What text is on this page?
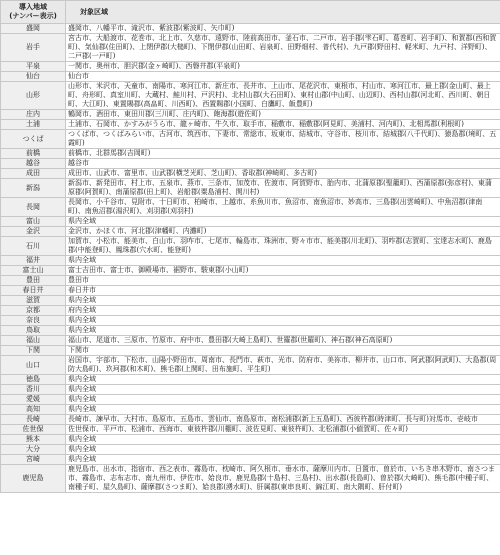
導入地域
(ナンバー表示)	対象区域
盛岡	盛岡市、八幡平市、滝沢市、紫波郡(紫波町、矢巾町)
岩手	宮古市、大船渡市、花巻市、北上市、久慈市、遠野市、陸前高田市、釜石市、二戸市、岩手郡(雫石町、葛巻町、岩手町)、和賀郡(西和賀町)、気仙郡(住田町)、上閉伊郡(大槌町)、下閉伊郡(山田町、岩泉町、田野畑村、普代村)、九戸郡(野田村、軽米町、九戸村、洋野町)、二戸郡(一戸町)
平泉	一関市、奥州市、胆沢郡(金ヶ崎町)、西磐井郡(平泉町)
仙台	仙台市
山形	山形市、米沢市、天童市、南陽市、寒河江市、新庄市、長井市、上山市、尾花沢市、東根市、村山市、寒河江市、最上郡(金山町、最上町、舟形町、真室川町、大蔵村、鮭川村、戸沢村)、北村山郡(大石田町)、東村山郡(中山町、山辺町)、西村山郡(河北町、西川町、朝日町、大江町)、東置賜郡(高畠町、川西町)、西置賜郡(小国町、白鷹町、飯豊町)
庄内	鶴岡市、酒田市、東田川郡(三川町、庄内町)、飽海郡(遊佐町)
土浦	土浦市、石岡市、かすみがうら市、龍ヶ崎市、牛久市、取手市、稲敷市、稲敷郡(阿見町、美浦村、河内町)、北相馬郡(利根町)
つくば	つくば市、つくばみらい市、古河市、筑西市、下妻市、常総市、坂東市、結城市、守谷市、桜川市、結城郡(八千代町)、猿島郡(境町、五霞町)
前橋	前橋市、北群馬郡(吉岡町)
越谷	越谷市
成田	成田市、山武市、富里市、山武郡(横芝光町、芝山町)、香取郡(神崎町、多古町)
新潟	新潟市、新発田市、村上市、五泉市、燕市、三条市、加茂市、佐渡市、阿賀野市、胎内市、北蒲原郡(聖籠町)、西蒲原郡(弥彦村)、東蒲原郡(阿賀町)、南蒲原郡(田上町)、岩船郡(粟島浦村、関川村)
長岡	長岡市、小千谷市、見附市、十日町市、柏崎市、上越市、糸魚川市、魚沼市、南魚沼市、妙高市、三島郡(出雲崎町)、中魚沼郡(津南町)、南魚沼郡(湯沢町)、刈羽郡(刈羽村)
富山	県内全域
金沢	金沢市、かほく市、河北郡(津幡町、内灘町)
石川	加賀市、小松市、能美市、白山市、羽咋市、七尾市、輪島市、珠洲市、野々市市、能美郡(川北町)、羽咋郡(志賀町、宝達志水町)、鹿島郡(中能登町)、鳳珠郡(穴水町、能登町)
福井	県内全域
富士山	富士吉田市、富士市、御殿場市、裾野市、駿東郡(小山町)
豊田	豊田市
春日井	春日井市
滋賀	県内全域
京都	府内全域
奈良	県内全域
鳥取	県内全域
福山	福山市、尾道市、三原市、竹原市、府中市、豊田郡(大崎上島町)、世羅郡(世羅町)、神石郡(神石高原町)
下関	下関市
山口	岩国市、宇部市、下松市、山陽小野田市、周南市、長門市、萩市、光市、防府市、美祢市、柳井市、山口市、阿武郡(阿武町)、大島郡(周防大島町)、玖珂郡(和木町)、熊毛郡(上関町、田布施町、平生町)
徳島	県内全域
香川	県内全域
愛媛	県内全域
高知	県内全域
長崎	長崎市、諫早市、大村市、島原市、五島市、雲仙市、南島原市、南松浦郡(新上五島町)、西彼杵郡(時津町、長与町)対馬市、壱岐市
佐世保	佐世保市、平戸市、松浦市、西海市、東彼杵郡(川棚町、波佐見町、東彼杵町)、北松浦郡(小値賀町、佐々町)
熊本	県内全域
大分	県内全域
宮崎	県内全域
鹿児島	鹿児島市、出水市、指宿市、西之表市、霧島市、枕崎市、阿久根市、垂水市、薩摩川内市、日置市、曽於市、いちき串木野市、南さつま市、霧島市、志布志市、南九州市、伊佐市、姶良市、鹿児島郡(十島村、三島村)、出水郡(長島町)、曽於郡(大崎町)、熊毛郡(中種子町、南種子町、屋久島町)、薩摩郡(さつま町)、姶良郡(湧水町)、肝属郡(東串良町、錦江町、南大隅町、肝付町)
